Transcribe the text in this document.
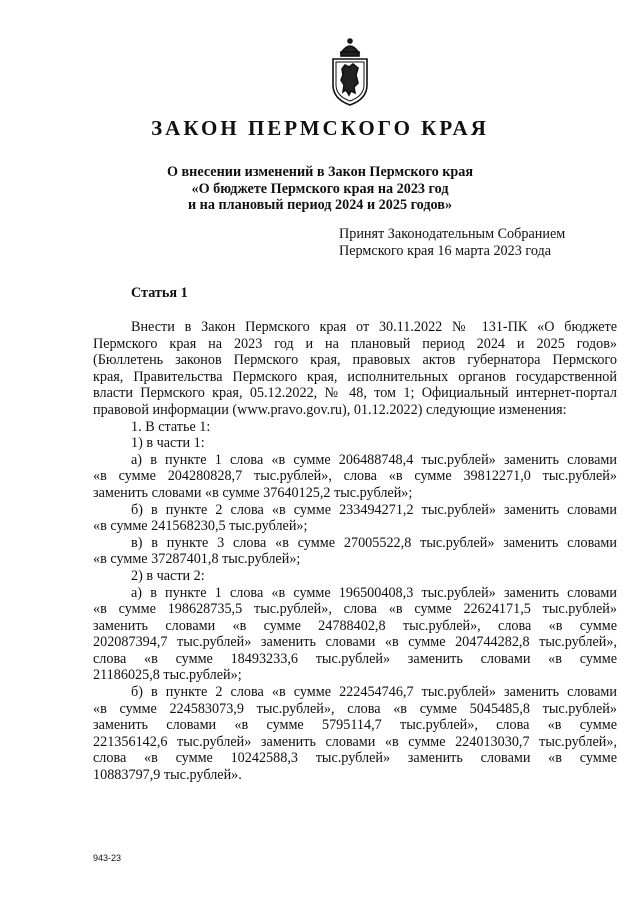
ЗАКОН ПЕРМСКОГО КРАЯ
О внесении изменений в Закон Пермского края
«О бюджете Пермского края на 2023 год
и на плановый период 2024 и 2025 годов»
Принят Законодательным Собранием
Пермского края 16 марта 2023 года
Статья 1
Внести в Закон Пермского края от 30.11.2022 № 131-ПК «О бюджете
Пермского края на 2023 год и на плановый период 2024 и 2025 годов»
(Бюллетень законов Пермского края, правовых актов губернатора Пермского
края, Правительства Пермского края, исполнительных органов государственной
власти Пермского края, 05.12.2022, № 48, том 1; Официальный интернет-портал
правовой информации (www.pravo.gov.ru), 01.12.2022) следующие изменения:
1. В статье 1:
1) в части 1:
а) в пункте 1 слова «в сумме 206488748,4 тыс.рублей» заменить словами
«в сумме 204280828,7 тыс.рублей», слова «в сумме 39812271,0 тыс.рублей»
заменить словами «в сумме 37640125,2 тыс.рублей»;
б) в пункте 2 слова «в сумме 233494271,2 тыс.рублей» заменить словами
«в сумме 241568230,5 тыс.рублей»;
в) в пункте 3 слова «в сумме 27005522,8 тыс.рублей» заменить словами
«в сумме 37287401,8 тыс.рублей»;
2) в части 2:
а) в пункте 1 слова «в сумме 196500408,3 тыс.рублей» заменить словами
«в сумме 198628735,5 тыс.рублей», слова «в сумме 22624171,5 тыс.рублей»
заменить словами «в сумме 24788402,8 тыс.рублей», слова «в сумме
202087394,7 тыс.рублей» заменить словами «в сумме 204744282,8 тыс.рублей»,
слова «в сумме 18493233,6 тыс.рублей» заменить словами «в сумме
21186025,8 тыс.рублей»;
б) в пункте 2 слова «в сумме 222454746,7 тыс.рублей» заменить словами
«в сумме 224583073,9 тыс.рублей», слова «в сумме 5045485,8 тыс.рублей»
заменить словами «в сумме 5795114,7 тыс.рублей», слова «в сумме
221356142,6 тыс.рублей» заменить словами «в сумме 224013030,7 тыс.рублей»,
слова «в сумме 10242588,3 тыс.рублей» заменить словами «в сумме
10883797,9 тыс.рублей».
943-23
